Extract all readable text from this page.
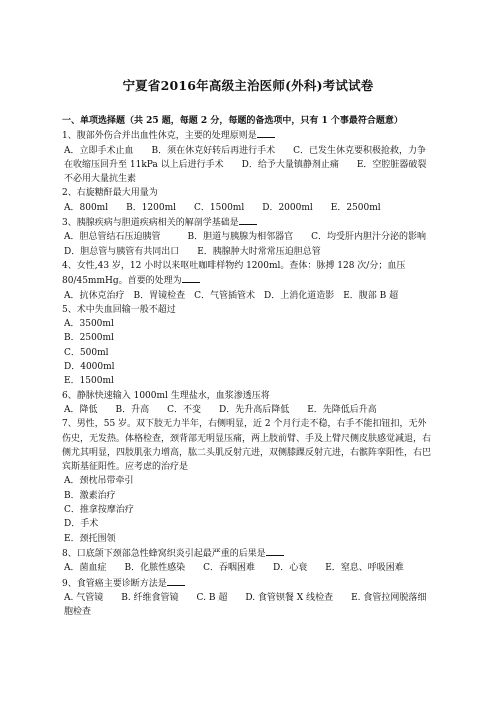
宁夏省2016年高级主治医师(外科)考试试卷

一、单项选择题（共 25 题，每题 2 分，每题的备选项中，只有 1 个事最符合题意）

1、腹部外伤合并出血性休克，主要的处理原则是

A．立即手术止血　　B．须在休克好转后再进行手术　　C．已发生休克要积极抢救，力争在收缩压回升至 11kPa 以上后进行手术　　D．给予大量镇静剂止痛　　E．空腔脏器破裂不必用大量抗生素

2、右旋糖酐最大用量为

A．800ml　　B．1200ml　　C．1500ml　　D．2000ml　　E．2500ml

3、胰腺疾病与胆道疾病相关的解剖学基础是

A．胆总管结石压迫胰管　　　B．胆道与胰腺为相邻器官　　C．均受肝内胆汁分泌的影响　　D．胆总管与胰管有共同出口　　E．胰腺肿大时常常压迫胆总管

4、女性,43 岁，12 小时以来呕吐咖啡样物约 1200ml。查体：脉搏 128 次/分；血压 80/45mmHg。首要的处理为

A．抗休克治疗　B．胃镜检查　C．气管插管术　D．上消化道造影　E．腹部 B 超

5、术中失血回输一般不超过

A．3500ml

B．2500ml

C．500ml

D．4000ml

E．1500ml

6、静脉快速输入 1000ml 生理盐水，血浆渗透压将

A．降低　　B．升高　　C．不变　　D．先升高后降低　　E．先降低后升高

7、男性，55 岁。双下肢无力半年，右侧明显，近 2 个月行走不稳，右手不能扣钮扣，无外伤史，无发热。体格检查，颈背部无明显压痛，两上肢前臂、手及上臂尺侧皮肤感觉减退，右侧尤其明显，四肢肌张力增高，肱二头肌反射亢进，双侧膝踝反射亢进，右髌阵挛阳性，右巴宾斯基征阳性。应考虑的治疗是

A．颈枕吊带牵引

B．激素治疗

C．推拿按摩治疗

D．手术

E．颈托围领

8、口底颌下颈部急性蜂窝织炎引起最严重的后果是

A．菌血症　　B．化脓性感染　　C．吞咽困难　　D．心衰　　E．窒息、呼吸困难

9、食管癌主要诊断方法是

A. 气管镜　　B. 纤维食管镜　　C. B 超　　D. 食管钡餐 X 线检查　　E. 食管拉网脱落细胞检查
